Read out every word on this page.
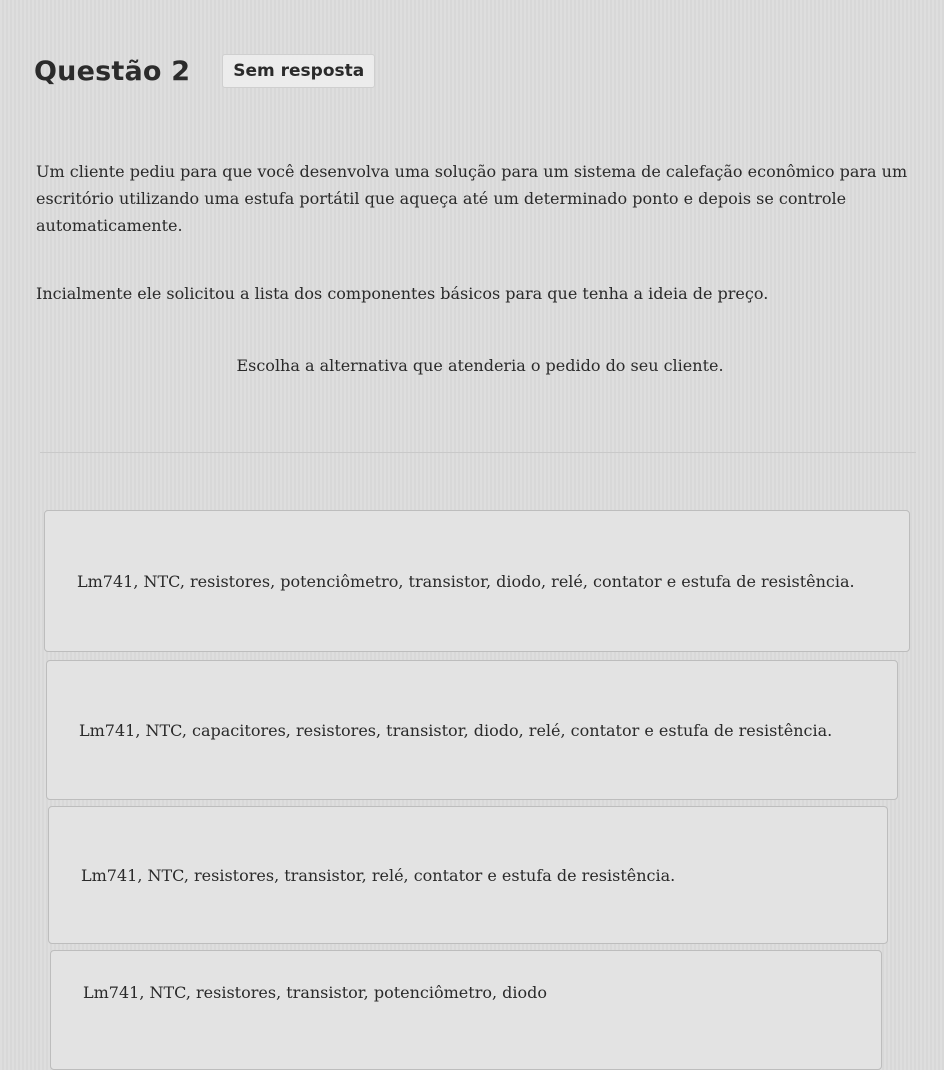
Questão 2	Sem resposta

Um cliente pediu para que você desenvolva uma solução para um sistema de calefação econômico para um

escritório utilizando uma estufa portátil que aqueça até um determinado ponto e depois se controle

automaticamente.

Incialmente ele solicitou a lista dos componentes básicos para que tenha a ideia de preço.
Escolha a alternativa que atenderia o pedido do seu cliente.
Lm741, NTC, resistores, potenciômetro, transistor, diodo, relé, contator e estufa de resistência.
Lm741, NTC, capacitores, resistores, transistor, diodo, relé, contator e estufa de resistência.
Lm741, NTC, resistores, transistor, relé, contator e estufa de resistência.
Lm741, NTC, resistores, transistor, potenciômetro, diodo
